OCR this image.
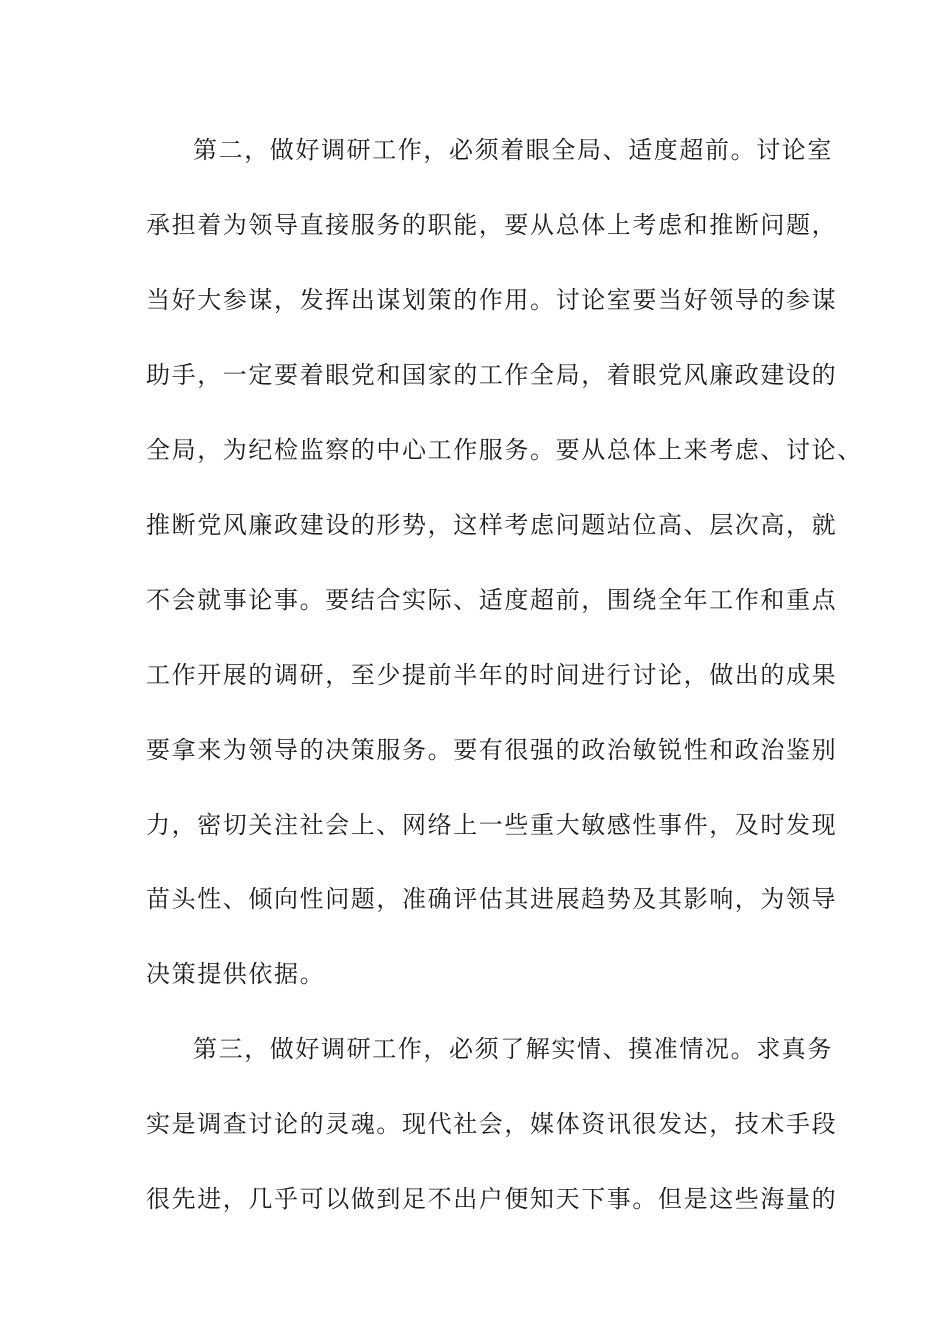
第二，做好调研工作，必须着眼全局、适度超前。讨论室
承担着为领导直接服务的职能，要从总体上考虑和推断问题，
当好大参谋，发挥出谋划策的作用。讨论室要当好领导的参谋
助手，一定要着眼党和国家的工作全局，着眼党风廉政建设的
全局，为纪检监察的中心工作服务。要从总体上来考虑、讨论、
推断党风廉政建设的形势，这样考虑问题站位高、层次高，就
不会就事论事。要结合实际、适度超前，围绕全年工作和重点
工作开展的调研，至少提前半年的时间进行讨论，做出的成果
要拿来为领导的决策服务。要有很强的政治敏锐性和政治鉴别
力，密切关注社会上、网络上一些重大敏感性事件，及时发现
苗头性、倾向性问题，准确评估其进展趋势及其影响，为领导
决策提供依据。
第三，做好调研工作，必须了解实情、摸准情况。求真务
实是调查讨论的灵魂。现代社会，媒体资讯很发达，技术手段
很先进，几乎可以做到足不出户便知天下事。但是这些海量的
